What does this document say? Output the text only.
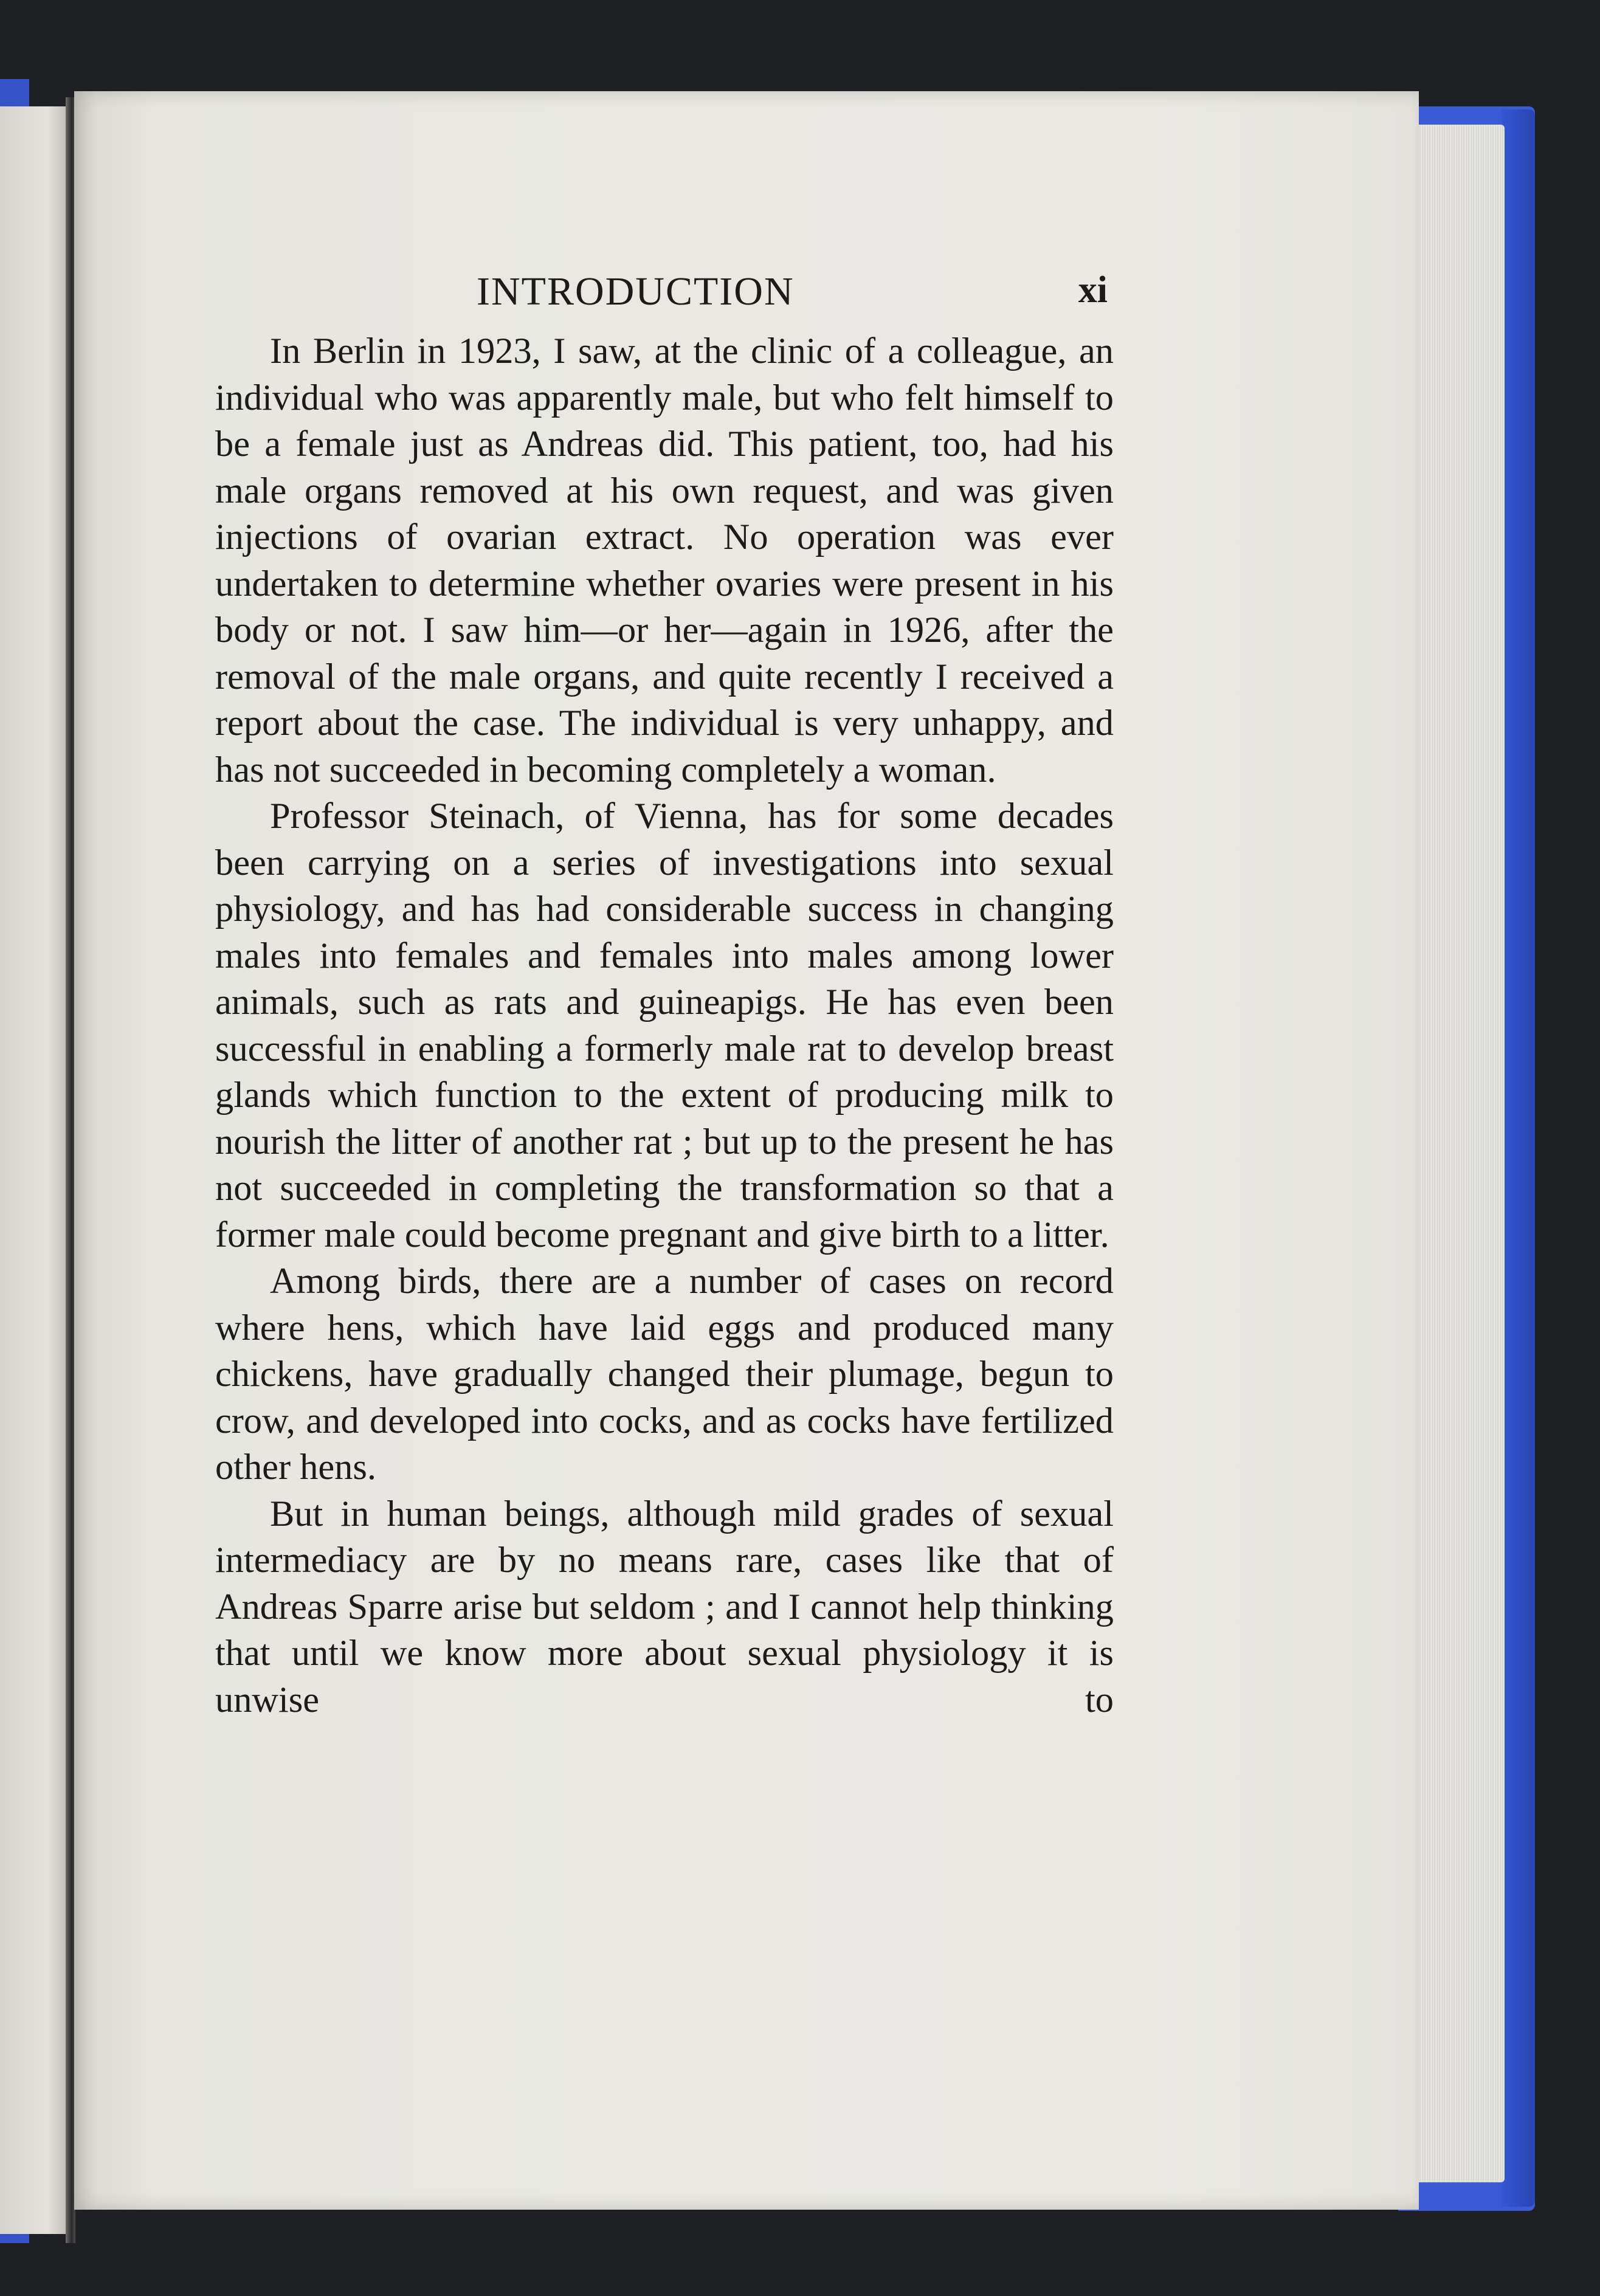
INTRODUCTION	xi

In Berlin in 1923, I saw, at the clinic of a colleague, an individual who was apparently male, but who felt himself to be a female just as Andreas did. This patient, too, had his male organs removed at his own request, and was given injections of ovarian extract. No operation was ever undertaken to determine whether ovaries were present in his body or not. I saw him—or her—again in 1926, after the removal of the male organs, and quite recently I received a report about the case. The individual is very unhappy, and has not succeeded in becoming completely a woman.

Professor Steinach, of Vienna, has for some decades been carrying on a series of investigations into sexual physiology, and has had considerable success in changing males into females and females into males among lower animals, such as rats and guineapigs. He has even been successful in enabling a formerly male rat to develop breast glands which function to the extent of producing milk to nourish the litter of another rat ; but up to the present he has not succeeded in completing the transformation so that a former male could become pregnant and give birth to a litter.

Among birds, there are a number of cases on record where hens, which have laid eggs and produced many chickens, have gradually changed their plumage, begun to crow, and developed into cocks, and as cocks have fertilized other hens.

But in human beings, although mild grades of sexual intermediacy are by no means rare, cases like that of Andreas Sparre arise but seldom ; and I cannot help thinking that until we know more about sexual physiology it is unwise to
